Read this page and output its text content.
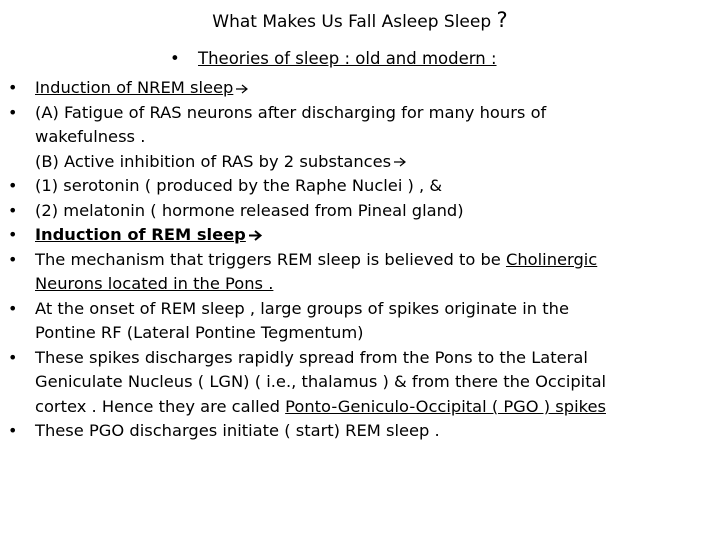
What Makes Us Fall Asleep Sleep ?
• Theories of sleep : old and modern :
• Induction of NREM sleep
• (A) Fatigue of RAS neurons after discharging for many hours of
wakefulness .
(B) Active inhibition of RAS by 2 substances
• (1) serotonin ( produced by the Raphe Nuclei ) , &
• (2) melatonin ( hormone released from Pineal gland)
• Induction of REM sleep
• The mechanism that triggers REM sleep is believed to be Cholinergic
Neurons located in the Pons .
• At the onset of REM sleep , large groups of spikes originate in the
Pontine RF (Lateral Pontine Tegmentum)
• These spikes discharges rapidly spread from the Pons to the Lateral
Geniculate Nucleus ( LGN) ( i.e., thalamus ) & from there the Occipital
cortex . Hence they are called Ponto-Geniculo-Occipital ( PGO ) spikes
• These PGO discharges initiate ( start) REM sleep .
